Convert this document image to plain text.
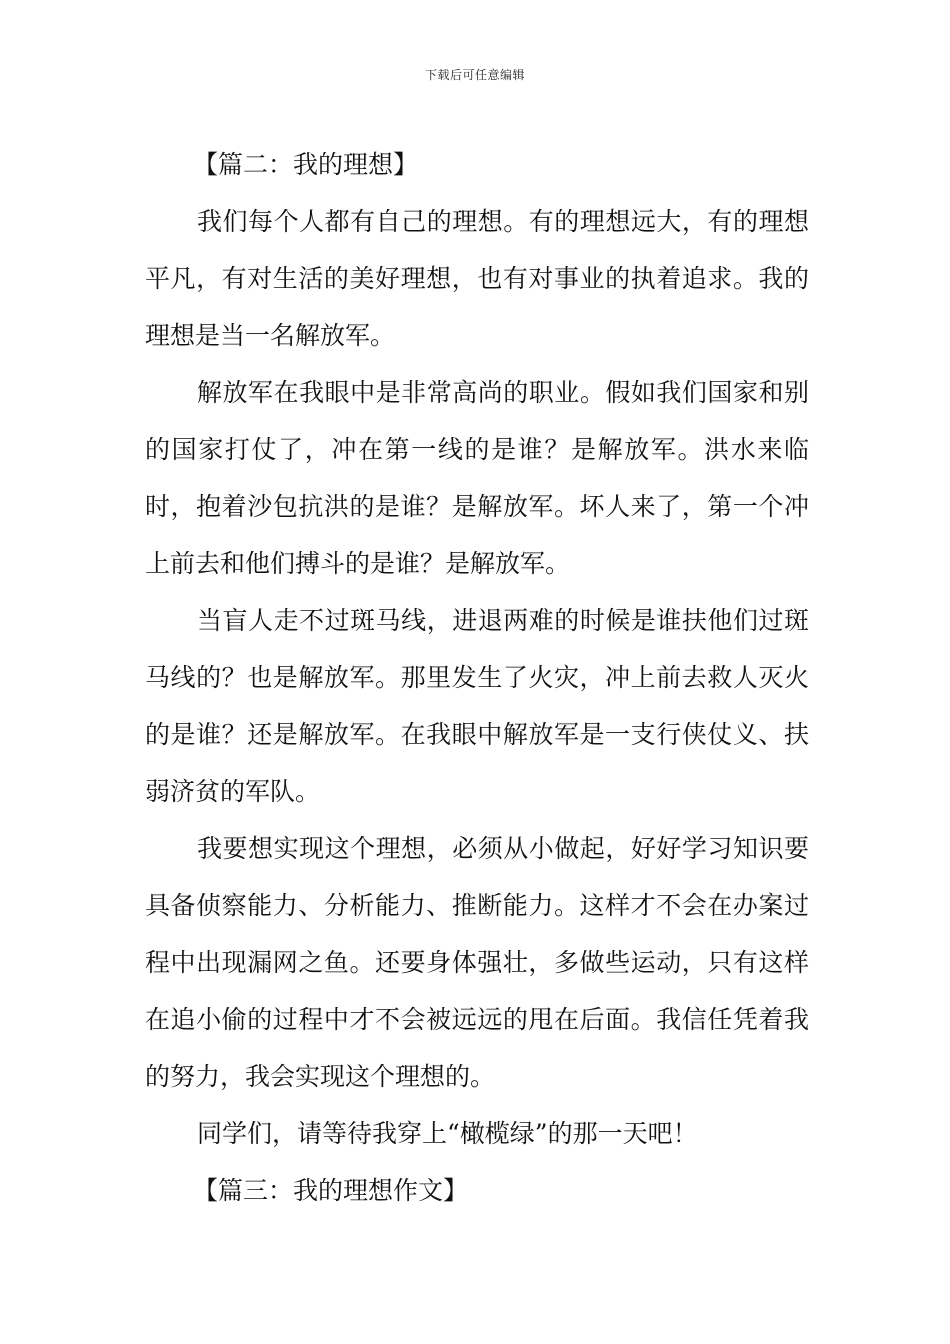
下载后可任意编辑

【篇二：我的理想】

我们每个人都有自己的理想。有的理想远大，有的理想平凡，有对生活的美好理想，也有对事业的执着追求。我的理想是当一名解放军。

解放军在我眼中是非常高尚的职业。假如我们国家和别的国家打仗了，冲在第一线的是谁？是解放军。洪水来临时，抱着沙包抗洪的是谁？是解放军。坏人来了，第一个冲上前去和他们搏斗的是谁？是解放军。

当盲人走不过斑马线，进退两难的时候是谁扶他们过斑马线的？也是解放军。那里发生了火灾，冲上前去救人灭火的是谁？还是解放军。在我眼中解放军是一支行侠仗义、扶弱济贫的军队。

我要想实现这个理想，必须从小做起，好好学习知识要具备侦察能力、分析能力、推断能力。这样才不会在办案过程中出现漏网之鱼。还要身体强壮，多做些运动，只有这样在追小偷的过程中才不会被远远的甩在后面。我信任凭着我的努力，我会实现这个理想的。

同学们，请等待我穿上“橄榄绿”的那一天吧！

【篇三：我的理想作文】
